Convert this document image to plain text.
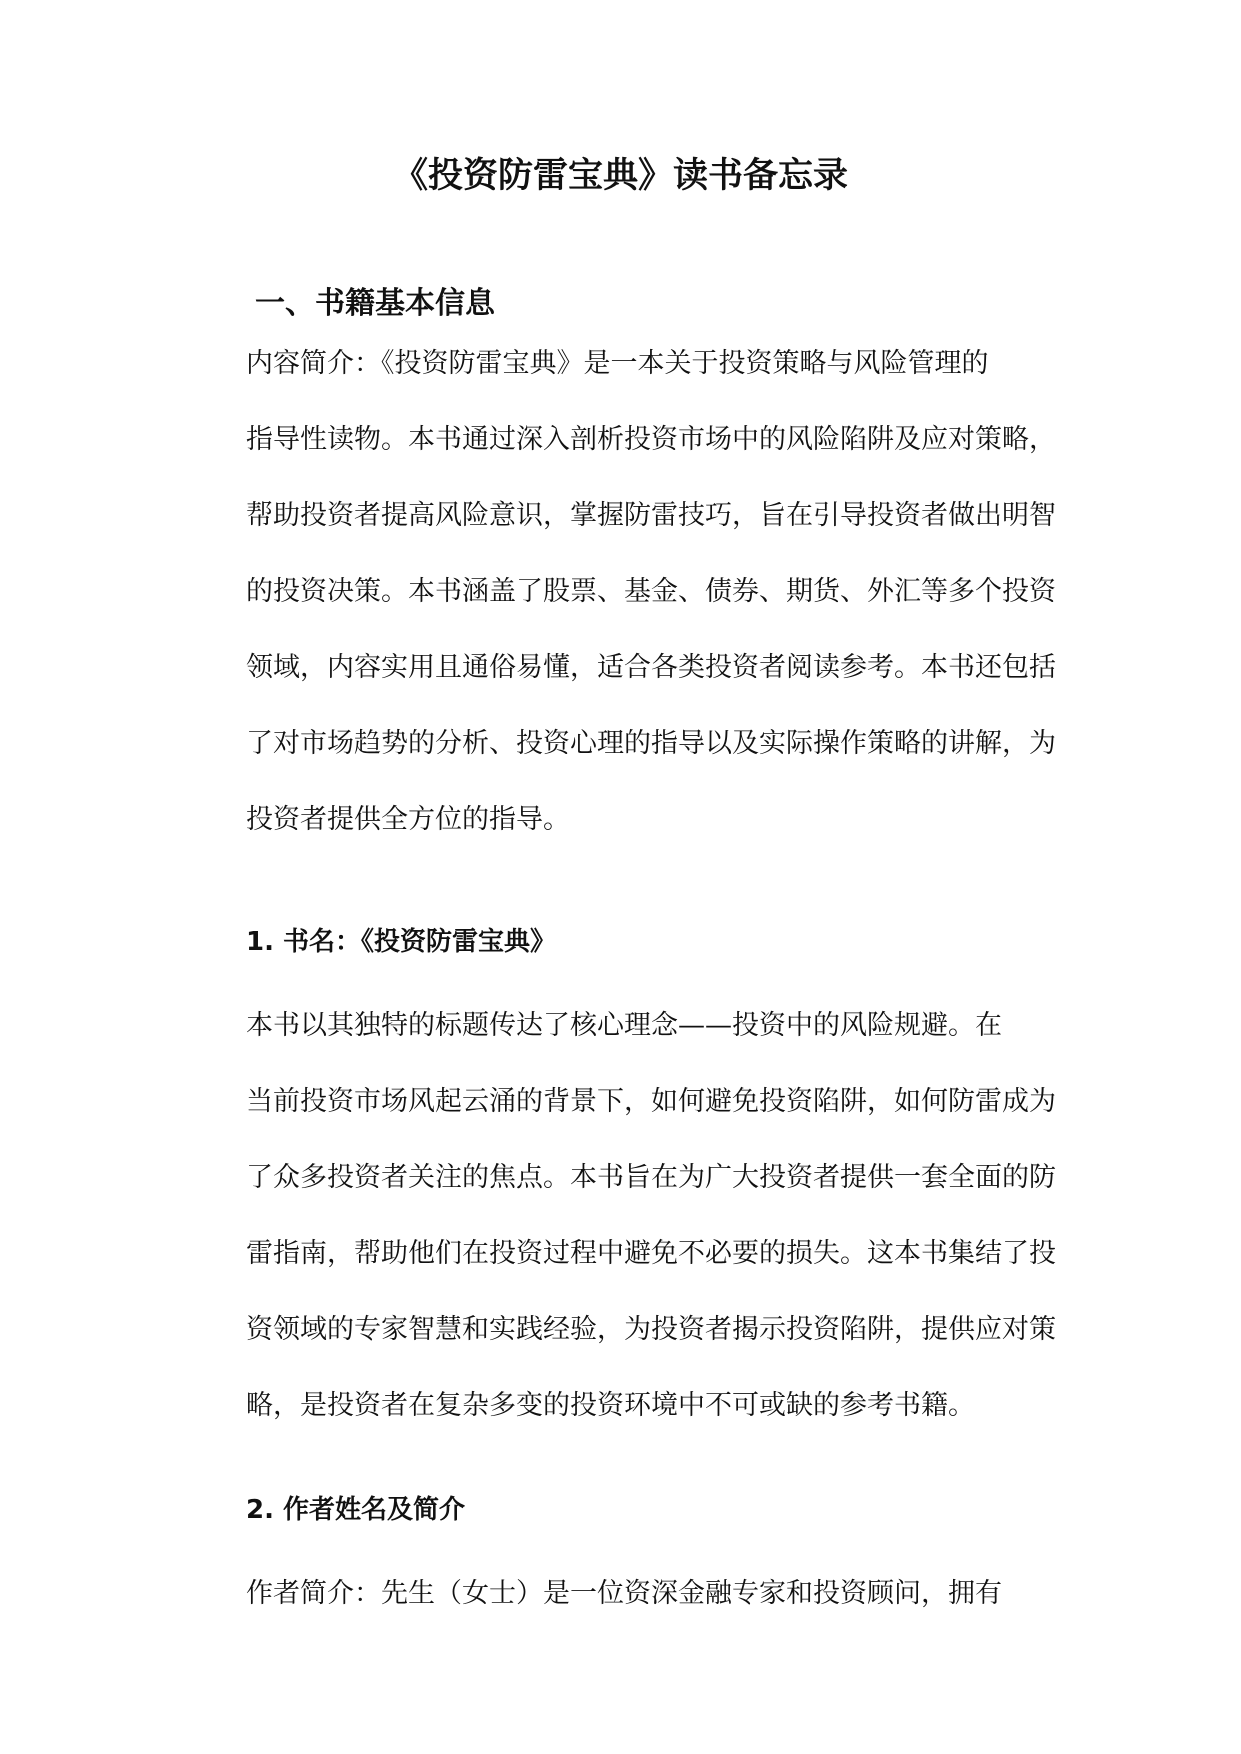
《投资防雷宝典》读书备忘录
一、书籍基本信息

内容简介：《投资防雷宝典》是一本关于投资策略与风险管理的
指导性读物。本书通过深入剖析投资市场中的风险陷阱及应对策略，
帮助投资者提高风险意识，掌握防雷技巧，旨在引导投资者做出明智
的投资决策。本书涵盖了股票、基金、债券、期货、外汇等多个投资
领域，内容实用且通俗易懂，适合各类投资者阅读参考。本书还包括
了对市场趋势的分析、投资心理的指导以及实际操作策略的讲解，为
投资者提供全方位的指导。

1. 书名：《投资防雷宝典》

本书以其独特的标题传达了核心理念——投资中的风险规避。在
当前投资市场风起云涌的背景下，如何避免投资陷阱，如何防雷成为
了众多投资者关注的焦点。本书旨在为广大投资者提供一套全面的防
雷指南，帮助他们在投资过程中避免不必要的损失。这本书集结了投
资领域的专家智慧和实践经验，为投资者揭示投资陷阱，提供应对策
略，是投资者在复杂多变的投资环境中不可或缺的参考书籍。

2. 作者姓名及简介

作者简介：先生（女士）是一位资深金融专家和投资顾问，拥有
